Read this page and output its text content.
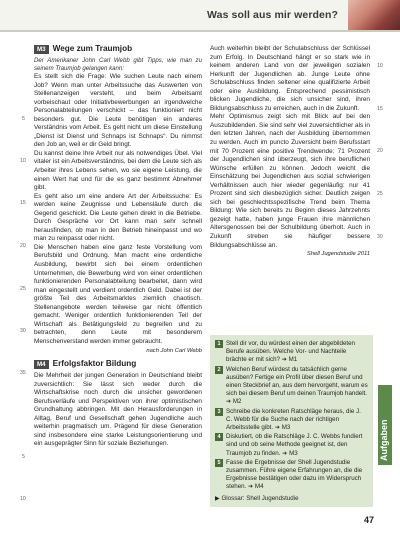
Was soll aus mir werden?
M3 Wege zum Traumjob

Der Amerikaner John Carl Webb gibt Tipps, wie man zu seinem Traumjob gelangen kann:

Es stellt sich die Frage: Wie suchen Leute nach einem Job? Wenn man unter Arbeitssuche das Auswerten von Stellenanzeigen versteht, und beim Arbeitsamt vorbeischaut oder Initiativbewerbungen an irgendwelche Personalabteilungen verschickt – das funktioniert nicht besonders gut. Die Leute benötigen ein anderes Verständnis vom Arbeit. Es geht nicht um diese Einstellung „Dienst ist Dienst und Schnaps ist Schnaps“. Du nimmst den Job an, weil er dir Geld bringt.

Du kannst deine Ihre Arbeit nur als notwendiges Übel. Viel vitaler ist ein Arbeitsverständnis, bei dem die Leute sich als Arbeiter ihres Lebens sehen, wo sie eigene Leistung, die einen Wert hat und für die es ganz bestimmt Abnehmer gibt.

Es geht also um eine andere Art der Arbeitssuche: Es werden keine Zeugnisse und Lebensläufe durch die Gegend geschickt. Die Leute gehen direkt in die Betriebe. Durch Gespräche vor Ort kann man sehr schnell herausfinden, ob man in den Betrieb hineinpasst und wo man zu reinpasst oder nicht.

Die Menschen haben eine ganz feste Vorstellung vom Berufsbild und Ordnung. Man macht eine ordentliche Ausbildung, bewirbt sich bei einem ordentlichen Unternehmen, die Bewerbung wird von einer ordentlichen funktionierenden Personalabteilung bearbeitet, dann wird man eingestellt und verdient ordentlich Geld. Dabei ist der größte Teil des Arbeitsmarktes ziemlich chaotisch. Stellenangebote werden teilweise gar nicht öffentlich gemacht. Weniger ordentlich funktionierenden Teil der Wirtschaft als Betätigungsfeld zu begreifen und zu betrachten, denn Leute mit besonderem Menschenverstand werden immer gebraucht.

nach John Carl Webb

M4 Erfolgsfaktor Bildung

Die Mehrheit der jungen Generation in Deutschland bleibt zuversichtlich: Sie lässt sich weder durch die Wirtschaftskrise noch durch die unsicher gewordenen Berufsverläufe und Perspektiven von ihrer optimistischen Grundhaltung abbringen. Mit den Herausforderungen in Alltag, Beruf und Gesellschaft gehen Jugendliche auch weiterhin pragmatisch um. Prägend für diese Generation sind insbesondere eine starke Leistungsorientierung und ein ausgeprägter Sinn für soziale Beziehungen.

Auch weiterhin bleibt der Schulabschluss der Schlüssel zum Erfolg. In Deutschland hängt er so stark wie in keinem anderen Land von der jeweiligen sozialen Herkunft der Jugendlichen ab. Junge Leute ohne Schulabschluss finden seltener eine qualifizierte Arbeit oder eine Ausbildung. Entsprechend pessimistisch blicken Jugendliche, die sich unsicher sind, ihren Bildungsabschluss zu erreichen, auch in die Zukunft.

Mehr Optimismus zeigt sich mit Blick auf bei den Auszubildenden. Sie sind sehr viel zuversichtlicher als in den letzten Jahren, nach der Ausbildung übernommen zu werden. Auch im puncto Zuversicht beim Berufsstart mit 70 Prozent eine positive Trendwende: 71 Prozent der Jugendlichen sind überzeugt, sich ihre beruflichen Wünsche erfüllen zu können. Jedoch weicht die Einschätzung bei Jugendlichen aus sozial schwierigen Verhältnissen auch hier wieder gegenläufig: nur 41 Prozent sind sich diesbezüglich sicher. Deutlich zeigen sich bei geschlechtsspezifische Trend beim Thema Bildung: Wie sich bereits zu Beginn dieses Jahrzehnts gezeigt hatte, haben junge Frauen ihre männlichen Altersgenossen bei der Schulbildung überholt. Auch in Zukunft streben sie häufiger bessere Bildungsabschlüsse an.

Shell Jugendstudie 2011

5
10
15
20
25
30
35
5
10
10
15
20
25
30
1 Stell dir vor, du würdest einen der abgebildeten Berufe ausüben. Welche Vor- und Nachteile brächte er mit sich? ➔ M1
2 Welchen Beruf würdest du tatsächlich gerne ausüben? Fertige ein Profil über diesen Beruf und einen Steckbrief an, aus dem hervorgeht, warum es sich bei diesem Beruf um deinen Traumjob handelt. ➔ M2
3 Schreibe die konkreten Ratschläge heraus, die J. C. Webb für die Suche nach der richtigen Arbeitsstelle gibt. ➔ M3
4 Diskutiert, ob die Ratschläge J. C. Webbs fundiert sind und ob seine Methode geeignet ist, den Traumjob zu finden. ➔ M3
5 Fasse die Ergebnisse der Shell Jugendstudie zusammen. Führe eigene Erfahrungen an, die die Ergebnisse bestätigen oder dazu im Widerspruch stehen. ➔ M4
▶ Glossar: Shell Jugendstudie
Aufgaben
47
